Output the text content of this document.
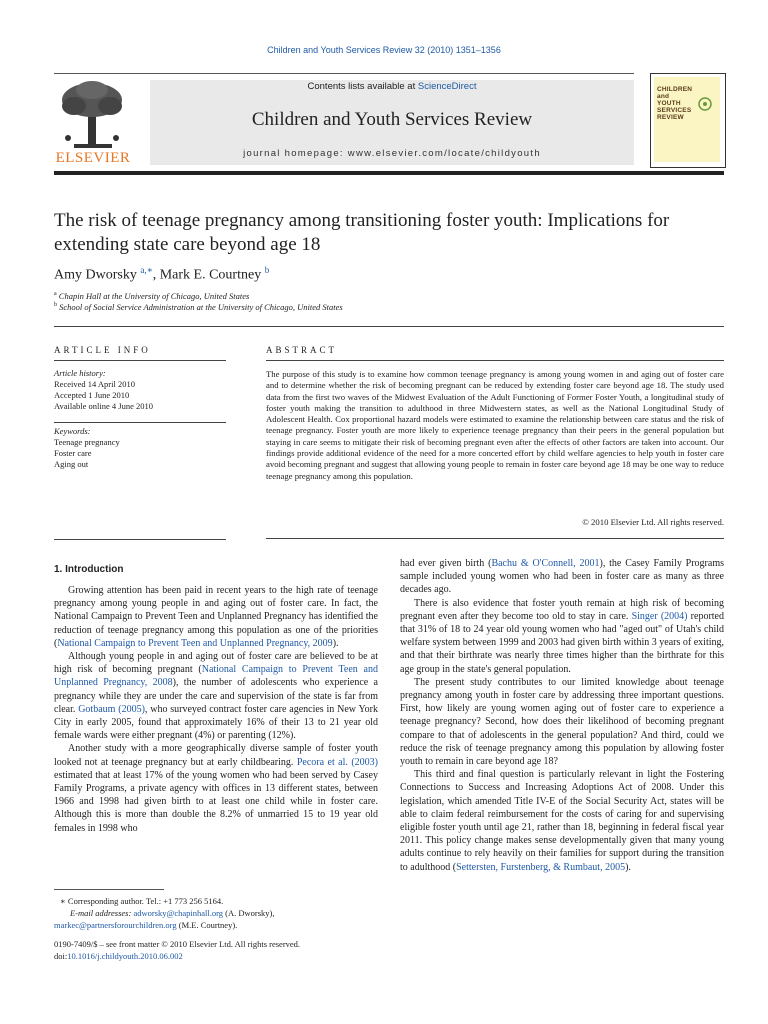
Children and Youth Services Review 32 (2010) 1351–1356
ELSEVIER
Contents lists available at ScienceDirect
Children and Youth Services Review
journal homepage: www.elsevier.com/locate/childyouth
CHILDREN
and
YOUTH
SERVICES
REVIEW
The risk of teenage pregnancy among transitioning foster youth: Implications for extending state care beyond age 18
Amy Dworsky $^{a,∗}$, Mark E. Courtney $^b$
$^a$ Chapin Hall at the University of Chicago, United States
$^b$ School of Social Service Administration at the University of Chicago, United States
ARTICLE INFO
Article history:
Received 14 April 2010
Accepted 1 June 2010
Available online 4 June 2010
Keywords:
Teenage pregnancy
Foster care
Aging out
ABSTRACT
The purpose of this study is to examine how common teenage pregnancy is among young women in and aging out of foster care and to determine whether the risk of becoming pregnant can be reduced by extending foster care beyond age 18. The study used data from the first two waves of the Midwest Evaluation of the Adult Functioning of Former Foster Youth, a longitudinal study of foster youth making the transition to adulthood in three Midwestern states, as well as the National Longitudinal Study of Adolescent Health. Cox proportional hazard models were estimated to examine the relationship between care status and the risk of teenage pregnancy. Foster youth are more likely to experience teenage pregnancy than their peers in the general population but staying in care seems to mitigate their risk of becoming pregnant even after the effects of other factors are taken into account. Our findings provide additional evidence of the need for a more concerted effort by child welfare agencies to help youth in foster care avoid becoming pregnant and suggest that allowing young people to remain in foster care beyond age 18 may be one way to reduce teenage pregnancy among this population.
© 2010 Elsevier Ltd. All rights reserved.
1. Introduction

Growing attention has been paid in recent years to the high rate of teenage pregnancy among young people in and aging out of foster care. In fact, the National Campaign to Prevent Teen and Unplanned Pregnancy has identified the reduction of teenage pregnancy among this population as one of the priorities (National Campaign to Prevent Teen and Unplanned Pregnancy, 2009).

Although young people in and aging out of foster care are believed to be at high risk of becoming pregnant (National Campaign to Prevent Teen and Unplanned Pregnancy, 2008), the number of adolescents who experience a pregnancy while they are under the care and supervision of the state is far from clear. Gotbaum (2005), who surveyed contract foster care agencies in New York City in early 2005, found that approximately 16% of their 13 to 21 year old female wards were either pregnant (4%) or parenting (12%).

Another study with a more geographically diverse sample of foster youth looked not at teenage pregnancy but at early childbearing. Pecora et al. (2003) estimated that at least 17% of the young women who had been served by Casey Family Programs, a private agency with offices in 13 different states, between 1966 and 1998 had given birth to at least one child while in foster care. Although this is more than double the 8.2% of unmarried 15 to 19 year old females in 1998 who

had ever given birth (Bachu & O'Connell, 2001), the Casey Family Programs sample included young women who had been in foster care as many as three decades ago.

There is also evidence that foster youth remain at high risk of becoming pregnant even after they become too old to stay in care. Singer (2004) reported that 31% of 18 to 24 year old young women who had "aged out" of Utah's child welfare system between 1999 and 2003 had given birth within 3 years of exiting, and that their birthrate was nearly three times higher than the birthrate for this age group in the state's general population.

The present study contributes to our limited knowledge about teenage pregnancy among youth in foster care by addressing three important questions. First, how likely are young women aging out of foster care to experience a teenage pregnancy? Second, how does their likelihood of becoming pregnant compare to that of adolescents in the general population? And third, could we reduce the risk of teenage pregnancy among this population by allowing foster youth to remain in care beyond age 18?

This third and final question is particularly relevant in light the Fostering Connections to Success and Increasing Adoptions Act of 2008. Under this legislation, which amended Title IV-E of the Social Security Act, states will be able to claim federal reimbursement for the costs of caring for and supervising eligible foster youth until age 21, rather than 18, beginning in federal fiscal year 2011. This policy change makes sense developmentally given that many young adults continue to rely heavily on their families for support during the transition to adulthood (Settersten, Furstenberg, & Rumbaut, 2005).

∗ Corresponding author. Tel.: +1 773 256 5164.
E-mail addresses: adworsky@chapinhall.org (A. Dworsky),
markec@partnersforourchildren.org (M.E. Courtney).
0190-7409/$ – see front matter © 2010 Elsevier Ltd. All rights reserved.
doi:10.1016/j.childyouth.2010.06.002
